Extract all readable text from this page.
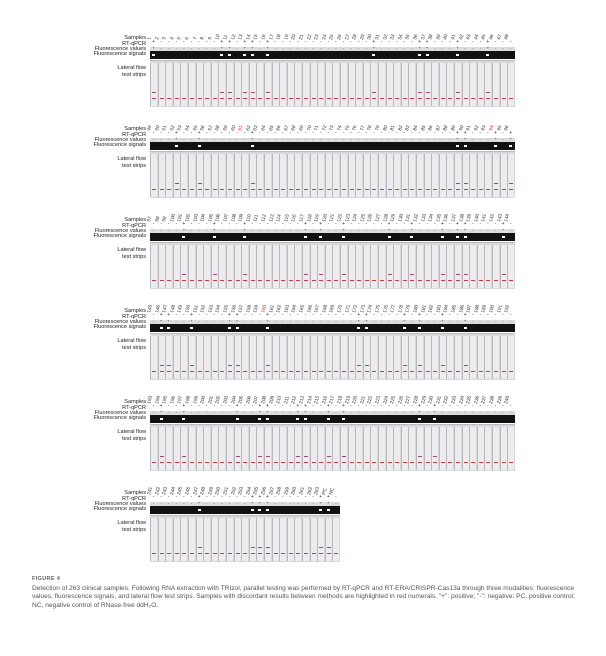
Samples
RT-qPCR
Fluorescence values
Fluorescence signals
Lateral flow test strips
1
+
+
2
-
-
3
-
-
4
-
-
5
-
-
6
-
-
7
-
-
8
-
-
9
-
-
10
+
+
11
+
+
12
-
-
13
+
+
14
+
+
15
-
-
16
+
+
17
-
-
18
-
-
19
-
-
20
-
-
21
-
-
22
-
-
23
-
-
24
-
-
25
-
-
26
-
-
27
-
-
28
-
-
29
-
-
30
+
+
31
-
-
32
-
-
33
-
-
34
-
-
35
-
-
36
+
+
37
+
+
38
-
-
39
-
-
40
-
-
41
+
+
42
-
-
43
-
-
44
-
-
45
+
+
46
-
-
47
-
-
48
-
-
Samples
RT-qPCR
Fluorescence values
Fluorescence signals
Lateral flow test strips
49
-
-
50
-
-
51
-
-
52
+
+
53
-
-
54
-
-
55
+
+
56
-
-
57
-
-
58
-
-
59
-
-
60
-
-
61
-
-
62
+
+
63
-
-
64
-
-
65
-
-
66
-
-
67
-
-
68
-
-
69
-
-
70
-
-
71
-
-
72
-
-
73
-
-
74
-
-
75
-
-
76
-
-
77
-
-
78
-
-
79
-
-
80
-
-
81
-
-
82
-
-
83
-
-
84
-
-
85
-
-
86
-
-
87
-
-
88
-
-
89
+
+
90
+
+
91
-
-
92
-
-
93
-
-
94
+
+
95
-
-
96
+
+
Samples
RT-qPCR
Fluorescence values
Fluorescence signals
Lateral flow test strips
97
-
-
98
-
-
99
-
-
100
-
-
101
+
+
102
-
-
103
-
-
104
-
-
105
+
+
106
-
-
107
-
-
108
-
-
109
+
+
110
-
-
111
-
-
112
-
-
113
-
-
114
-
-
115
-
-
116
-
-
117
+
+
118
-
-
119
+
+
120
-
-
121
-
-
122
+
+
123
-
-
124
-
-
125
-
-
126
-
-
127
-
-
128
+
+
129
-
-
130
-
-
131
+
+
132
-
-
133
-
-
134
-
-
135
+
+
136
-
-
137
+
+
138
+
+
139
-
-
140
-
-
141
-
-
142
-
-
143
+
+
144
-
-
Samples
RT-qPCR
Fluorescence values
Fluorescence signals
Lateral flow test strips
145
-
-
146
+
+
147
+
+
148
-
-
149
-
-
150
+
+
151
-
-
152
-
-
153
-
-
154
-
-
155
+
+
156
+
+
157
-
-
158
-
-
159
-
-
160
+
+
161
-
-
162
-
-
163
-
-
164
-
-
165
-
-
166
-
-
167
-
-
168
-
-
169
-
-
170
-
-
171
-
-
172
+
+
173
+
+
174
-
-
175
-
-
176
-
-
177
-
-
178
+
+
179
-
-
180
+
+
181
-
-
182
-
-
183
+
+
184
-
-
185
-
-
186
+
+
187
-
-
188
-
-
189
-
-
190
-
-
191
-
-
192
-
-
Samples
RT-qPCR
Fluorescence values
Fluorescence signals
Lateral flow test strips
193
-
-
194
+
+
195
-
-
196
-
-
197
+
+
198
-
-
199
-
-
200
-
-
201
-
-
202
-
-
203
-
-
204
+
+
205
-
-
206
-
-
207
+
+
208
+
+
209
-
-
210
-
-
211
-
-
212
+
+
213
+
+
214
-
-
215
-
-
216
+
+
217
-
-
218
+
+
219
-
-
220
-
-
221
-
-
222
-
-
223
-
-
224
-
-
225
-
-
226
-
-
227
-
-
228
+
+
229
-
-
230
+
+
231
-
-
232
-
-
233
-
-
234
-
-
235
-
-
236
-
-
237
-
-
238
-
-
239
-
-
240
-
-
Samples
RT-qPCR
Fluorescence values
Fluorescence signals
Lateral flow test strips
241
-
-
242
-
-
243
-
-
244
-
-
245
-
-
246
-
-
247
+
+
248
-
-
249
-
-
250
-
-
251
-
-
252
-
-
253
-
-
254
+
+
255
+
+
256
+
+
257
-
-
258
-
-
259
-
-
260
-
-
261
-
-
262
-
-
263
+
+
PC
+
+
NC
-
-
FIGURE 4
Detection of 263 clinical samples. Following RNA extraction with TRIzol, parallel testing was performed by RT-qPCR and RT-ERA/CRISPR-Cas13a through three modalities: fluorescence values, fluorescence signals, and lateral flow test strips. Samples with discordant results between methods are highlighted in red numerals. "+": positive; "-": negative; PC, positive control; NC, negative control of RNase-free ddH₂O.
